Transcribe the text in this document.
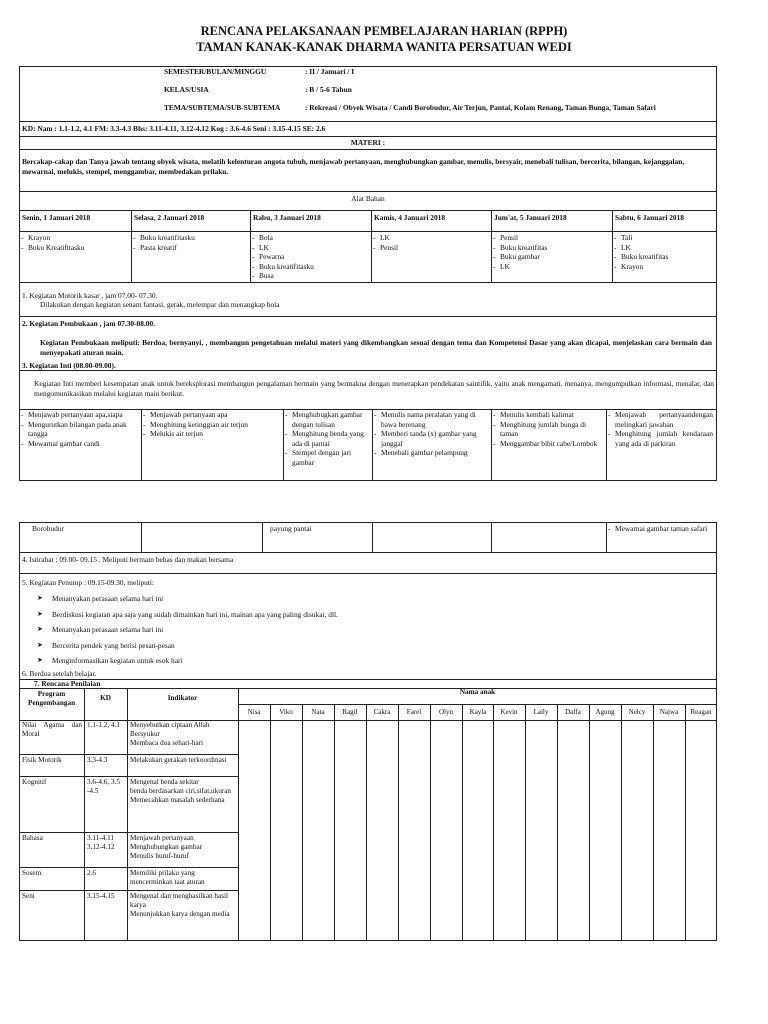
RENCANA PELAKSANAAN PEMBELAJARAN HARIAN (RPPH)
TAMAN KANAK-KANAK DHARMA WANITA PERSATUAN WEDI
SEMESTER/BULAN/MINGGU	: II / Januari / I
KELAS/USIA	: B / 5-6 Tahun
TEMA/SUBTEMA/SUB-SUBTEMA	: Rekreasi / Obyek Wisata / Candi Borobudur, Air Terjun, Pantai, Kolam Renang, Taman Bunga, Taman Safari
KD: Nam : 1.1-1.2, 4.1 FM: 3.3-4.3 Bhs: 3.11-4.11, 3.12-4.12 Kog : 3.6-4.6 Seni : 3.15-4.15 SE: 2.6
MATERI :
Bercakap-cakap dan Tanya jawab tentang obyek wisata, melatih kelenturan angota tubuh, menjawab pertanyaan, menghubungkan gambar, menulis, bersyair, menebali tulisan, bercerita, bilangan, kejanggalan, mewarnai, melukis, stempel, menggambar, membedakan prilaku.
Alat Bahan
Senin, 1 Januari 2018	Selasa, 2 Januari 2018	Rabu, 3 Januari 2018	Kamis, 4 Januari 2018	Jum'at, 5 Januari 2018	Sabtu, 6 Januari 2018
- Krayon
- Buku Kreatifitasku
- Buku kreatifitasku
- Pasta kreatif
- Bola
- LK
- Pewarna
- Buku kreatifitasku
- Busa
- LK
- Pensil
- Pensil
- Buku kreatifitas
- Buku gambar
- LK
- Tali
- LK
- Buku kreatifitas
- Krayon
1. Kegiatan Motorik kasar , jam 07.00- 07.30.
Dilakukan dengan kegiatan senam fantasi, gerak, melempar dan menangkap bola
2. Kegiatan Pembukaan , jam 07.30-08.00.
Kegiatan Pembukaan meliputi: Berdoa, bernyanyi, , membangun pengetahuan melalui materi yang dikembangkan sesuai dengan tema dan Kompetensi Dasar yang akan dicapai, menjelaskan cara bermain dan menyepakati aturan main.
3. Kegiatan Inti (08.00-09.00).
Kegiatan Inti memberi kesempatan anak untuk bereksplorasi membangun pengalaman bermain yang bermakna dengan menerapkan pendekatan saintifik, yaitu anak mengamati, menanya, mengumpulkan informasi, menalar, dan mengomunikasikan melalui kegiatan main berikut.
- Menjawab pertanyaan apa,siapa
- Mengurutkan bilangan pada anak tangga
- Mewarnai gambar candi
- Menjawab pertanyaan apa
- Menghitung ketinggian air terjun
- Melukis air terjun
- Menghubugkan gambar dengan tulisan
- Menghitung benda yang ada di pantai
- Stempel dengan jari gambar
- Menulis nama peralatan yang di bawa berenang
- Memberi tanda (x) gambar yang janggal
- Menebali gambar pelampung
- Menulis kembali kalimat
- Menghitung jumlah bunga di taman
- Menggambar bibit cabe/Lombok
- Menjawab pertanyaandengan melingkari jawaban
- Menghitung jumlah kendaraan yang ada di parkiran
Borobudur	payung pantai
-	Mewarnai gambar taman safari
4. Istirahat : 09.00- 09.15 . Meliputi bermain bebas dan makan bersama
5. Kegiatan Penutup : 09.15-09.30, meliputi:
➤ Menanyakan perasaan selama hari ini
➤ Berdiskusi kegiatan apa saja yang sudah dimainkan hari ini, mainan apa yang paling disukai, dll.
➤ Menanyakan perasaan selama hari ini
➤ Bercerita pendek yang berisi pesan-pesan
➤ Menginformasikan kegiatan untuk esok hari
6. Berdoa setelah belajar.
7. Rencana Penilaian
Program Pengembangan
KD	Indikator
Nama anak
Nisa	Viko	Nata	Ragil	Cakra	Farel	Olyn	Kayla	Kevin	Laily	Daffa	Agung	Nelcy	Najwa	Reagan
Nilai Agama dan Moral
1.1-1.2, 4.1	Menyebutkan ciptaan Allah
Bersyukur
Membaca doa sehari-hari
Fisik Motorik	3.3-4.3	Melakukan gerakan terkoordinasi
Kognitif	3.6-4.6, 3.5 -4.5
Mengenal benda sekitar
benda berdasarkan ciri,sifat,ukuran
Memecahkan masalah sederhana
Bahasa	3.11-4.11 3.12-4.12
Menjawab pertanyaan
Menghubungkan gambar
Menulis huruf-huruf
Sosem	2.6	Memiliki prilaku yang mencerminkan taat aturan
Seni	3.15-4.15	Mengenal dan menghasilkan hasil karya
Menunjukkan karya dengan media
